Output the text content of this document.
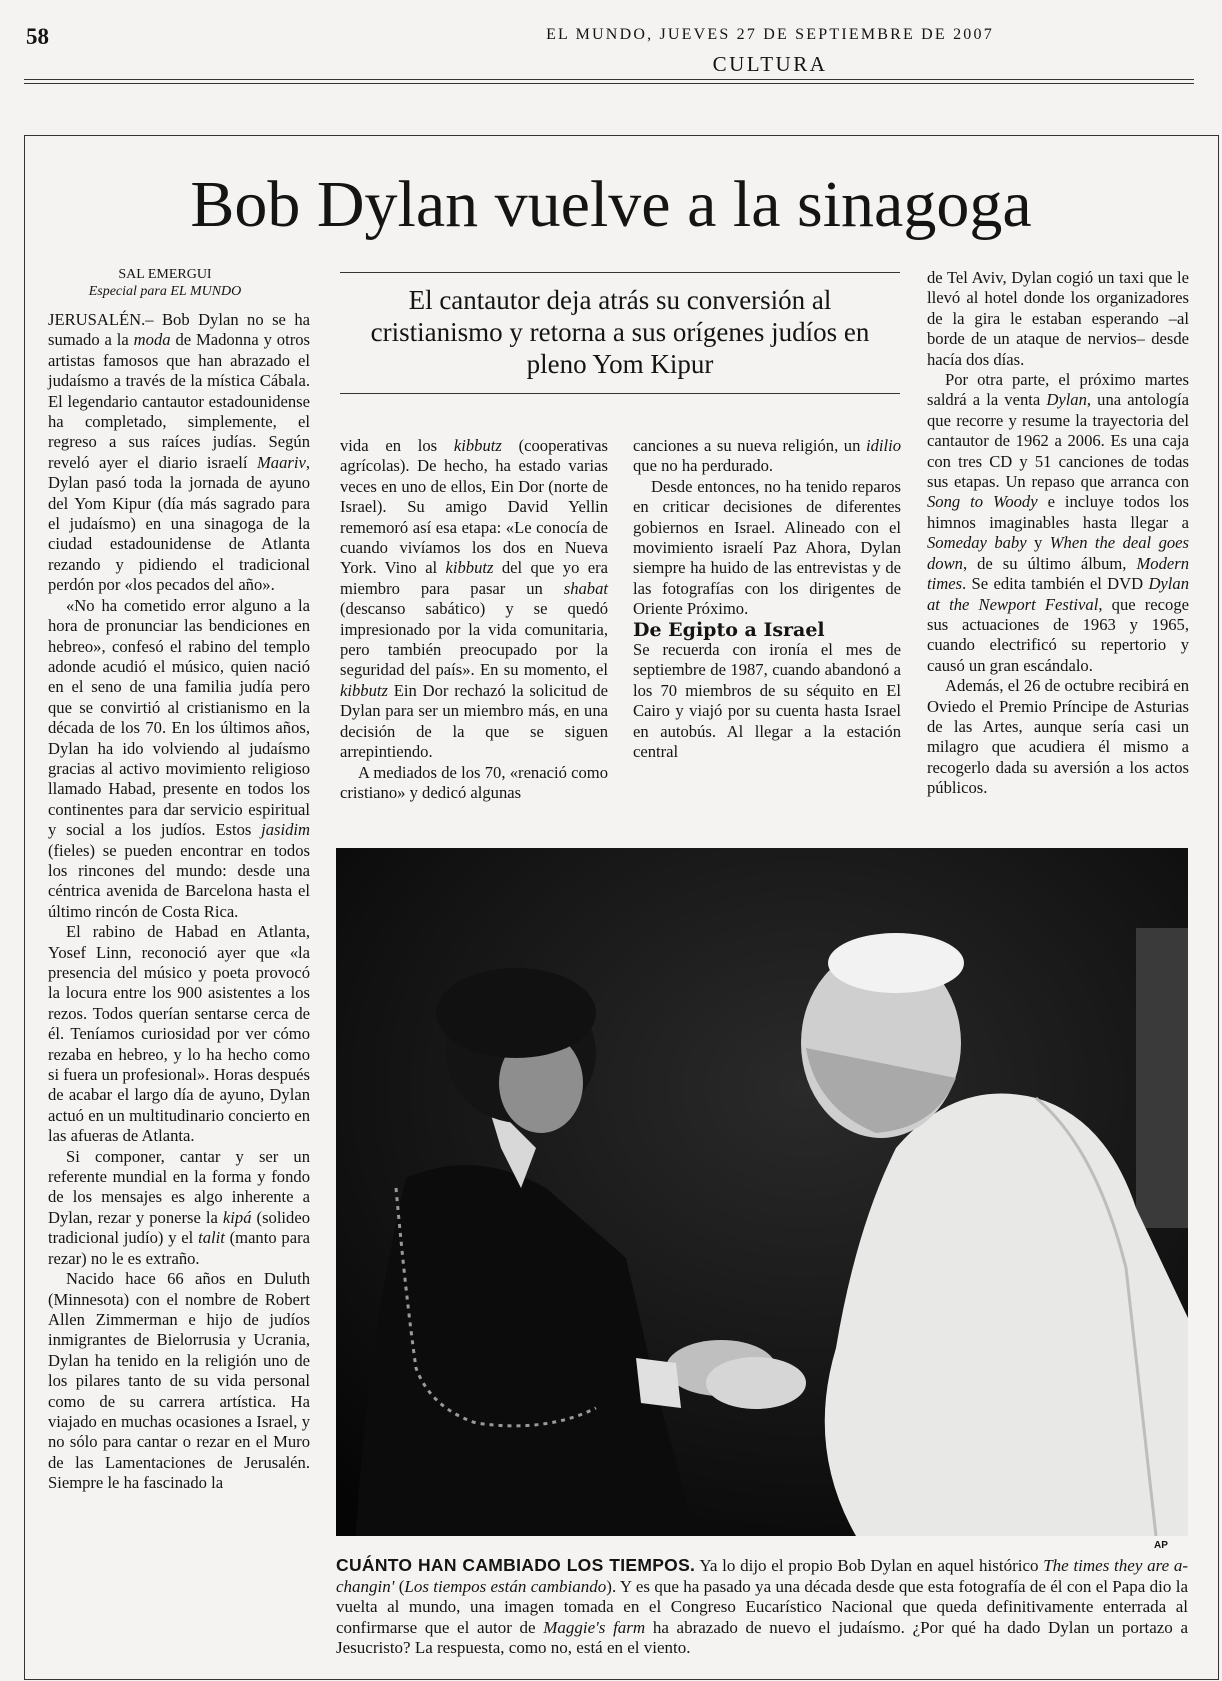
58	EL MUNDO, JUEVES 27 DE SEPTIEMBRE DE 2007
CULTURA
Bob Dylan vuelve a la sinagoga
SAL EMERGUI
Especial para EL MUNDO	El cantautor deja atrás su conversión al cristianismo y retorna a sus orígenes judíos en pleno Yom Kipur

JERUSALÉN.– Bob Dylan no se ha sumado a la moda de Madonna y otros artistas famosos que han abrazado el judaísmo a través de la mística Cábala. El legendario cantautor estadounidense ha completado, simplemente, el regreso a sus raíces judías. Según reveló ayer el diario israelí Maariv, Dylan pasó toda la jornada de ayuno del Yom Kipur (día más sagrado para el judaísmo) en una sinagoga de la ciudad estadounidense de Atlanta rezando y pidiendo el tradicional perdón por «los pecados del año».

«No ha cometido error alguno a la hora de pronunciar las bendiciones en hebreo», confesó el rabino del templo adonde acudió el músico, quien nació en el seno de una familia judía pero que se convirtió al cristianismo en la década de los 70. En los últimos años, Dylan ha ido volviendo al judaísmo gracias al activo movimiento religioso llamado Habad, presente en todos los continentes para dar servicio espiritual y social a los judíos. Estos jasidim (fieles) se pueden encontrar en todos los rincones del mundo: desde una céntrica avenida de Barcelona hasta el último rincón de Costa Rica.

El rabino de Habad en Atlanta, Yosef Linn, reconoció ayer que «la presencia del músico y poeta provocó la locura entre los 900 asistentes a los rezos. Todos querían sentarse cerca de él. Teníamos curiosidad por ver cómo rezaba en hebreo, y lo ha hecho como si fuera un profesional». Horas después de acabar el largo día de ayuno, Dylan actuó en un multitudinario concierto en las afueras de Atlanta.

Si componer, cantar y ser un referente mundial en la forma y fondo de los mensajes es algo inherente a Dylan, rezar y ponerse la kipá (solideo tradicional judío) y el talit (manto para rezar) no le es extraño.

Nacido hace 66 años en Duluth (Minnesota) con el nombre de Robert Allen Zimmerman e hijo de judíos inmigrantes de Bielorrusia y Ucrania, Dylan ha tenido en la religión uno de los pilares tanto de su vida personal como de su carrera artística. Ha viajado en muchas ocasiones a Israel, y no sólo para cantar o rezar en el Muro de las Lamentaciones de Jerusalén. Siempre le ha fascinado la

vida en los kibbutz (cooperativas agrícolas). De hecho, ha estado varias veces en uno de ellos, Ein Dor (norte de Israel). Su amigo David Yellin rememoró así esa etapa: «Le conocía de cuando vivíamos los dos en Nueva York. Vino al kibbutz del que yo era miembro para pasar un shabat (descanso sabático) y se quedó impresionado por la vida comunitaria, pero también preocupado por la seguridad del país». En su momento, el kibbutz Ein Dor rechazó la solicitud de Dylan para ser un miembro más, en una decisión de la que se siguen arrepintiendo.

A mediados de los 70, «renació como cristiano» y dedicó algunas

canciones a su nueva religión, un idilio que no ha perdurado.

Desde entonces, no ha tenido reparos en criticar decisiones de diferentes gobiernos en Israel. Alineado con el movimiento israelí Paz Ahora, Dylan siempre ha huido de las entrevistas y de las fotografías con los dirigentes de Oriente Próximo.

De Egipto a Israel

Se recuerda con ironía el mes de septiembre de 1987, cuando abandonó a los 70 miembros de su séquito en El Cairo y viajó por su cuenta hasta Israel en autobús. Al llegar a la estación central

de Tel Aviv, Dylan cogió un taxi que le llevó al hotel donde los organizadores de la gira le estaban esperando –al borde de un ataque de nervios– desde hacía dos días.

Por otra parte, el próximo martes saldrá a la venta Dylan, una antología que recorre y resume la trayectoria del cantautor de 1962 a 2006. Es una caja con tres CD y 51 canciones de todas sus etapas. Un repaso que arranca con Song to Woody e incluye todos los himnos imaginables hasta llegar a Someday baby y When the deal goes down, de su último álbum, Modern times. Se edita también el DVD Dylan at the Newport Festival, que recoge sus actuaciones de 1963 y 1965, cuando electrificó su repertorio y causó un gran escándalo.

Además, el 26 de octubre recibirá en Oviedo el Premio Príncipe de Asturias de las Artes, aunque sería casi un milagro que acudiera él mismo a recogerlo dada su aversión a los actos públicos.

AP
CUÁNTO HAN CAMBIADO LOS TIEMPOS. Ya lo dijo el propio Bob Dylan en aquel histórico The times they are a-changin' (Los tiempos están cambiando). Y es que ha pasado ya una década desde que esta fotografía de él con el Papa dio la vuelta al mundo, una imagen tomada en el Congreso Eucarístico Nacional que queda definitivamente enterrada al confirmarse que el autor de Maggie's farm ha abrazado de nuevo el judaísmo. ¿Por qué ha dado Dylan un portazo a Jesucristo? La respuesta, como no, está en el viento.
